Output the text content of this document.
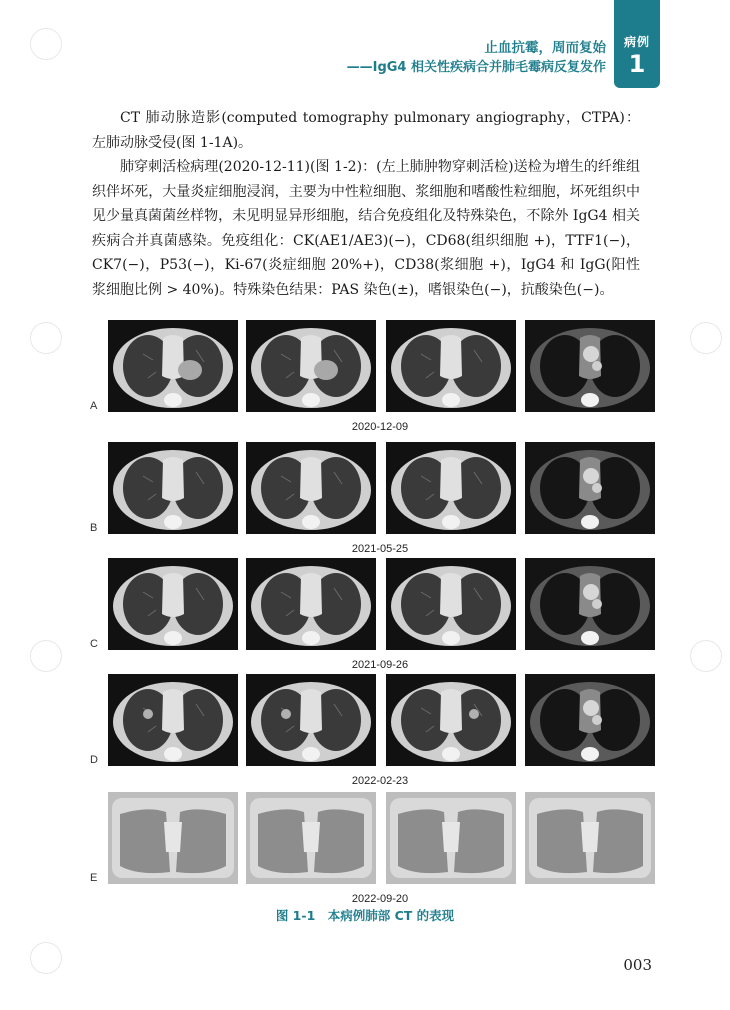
止血抗霉，周而复始
——IgG4 相关性疾病合并肺毛霉病反复发作
病例
1

CT 肺动脉造影(computed tomography pulmonary angiography，CTPA)：左肺动脉受侵(图 1-1A)。

肺穿刺活检病理(2020-12-11)(图 1-2)：(左上肺肿物穿刺活检)送检为增生的纤维组织伴坏死，大量炎症细胞浸润，主要为中性粒细胞、浆细胞和嗜酸性粒细胞，坏死组织中见少量真菌菌丝样物，未见明显异形细胞，结合免疫组化及特殊染色，不除外 IgG4 相关疾病合并真菌感染。免疫组化：CK(AE1/AE3)(−)，CD68(组织细胞 +)，TTF1(−)，CK7(−)，P53(−)，Ki-67(炎症细胞 20%+)，CD38(浆细胞 +)，IgG4 和 IgG(阳性浆细胞比例 > 40%)。特殊染色结果：PAS 染色(±)，嗜银染色(−)，抗酸染色(−)。

A
2020-12-09
B
2021-05-25
C
2021-09-26
D
2022-02-23
E
2022-09-20
图 1-1　本病例肺部 CT 的表现
003
